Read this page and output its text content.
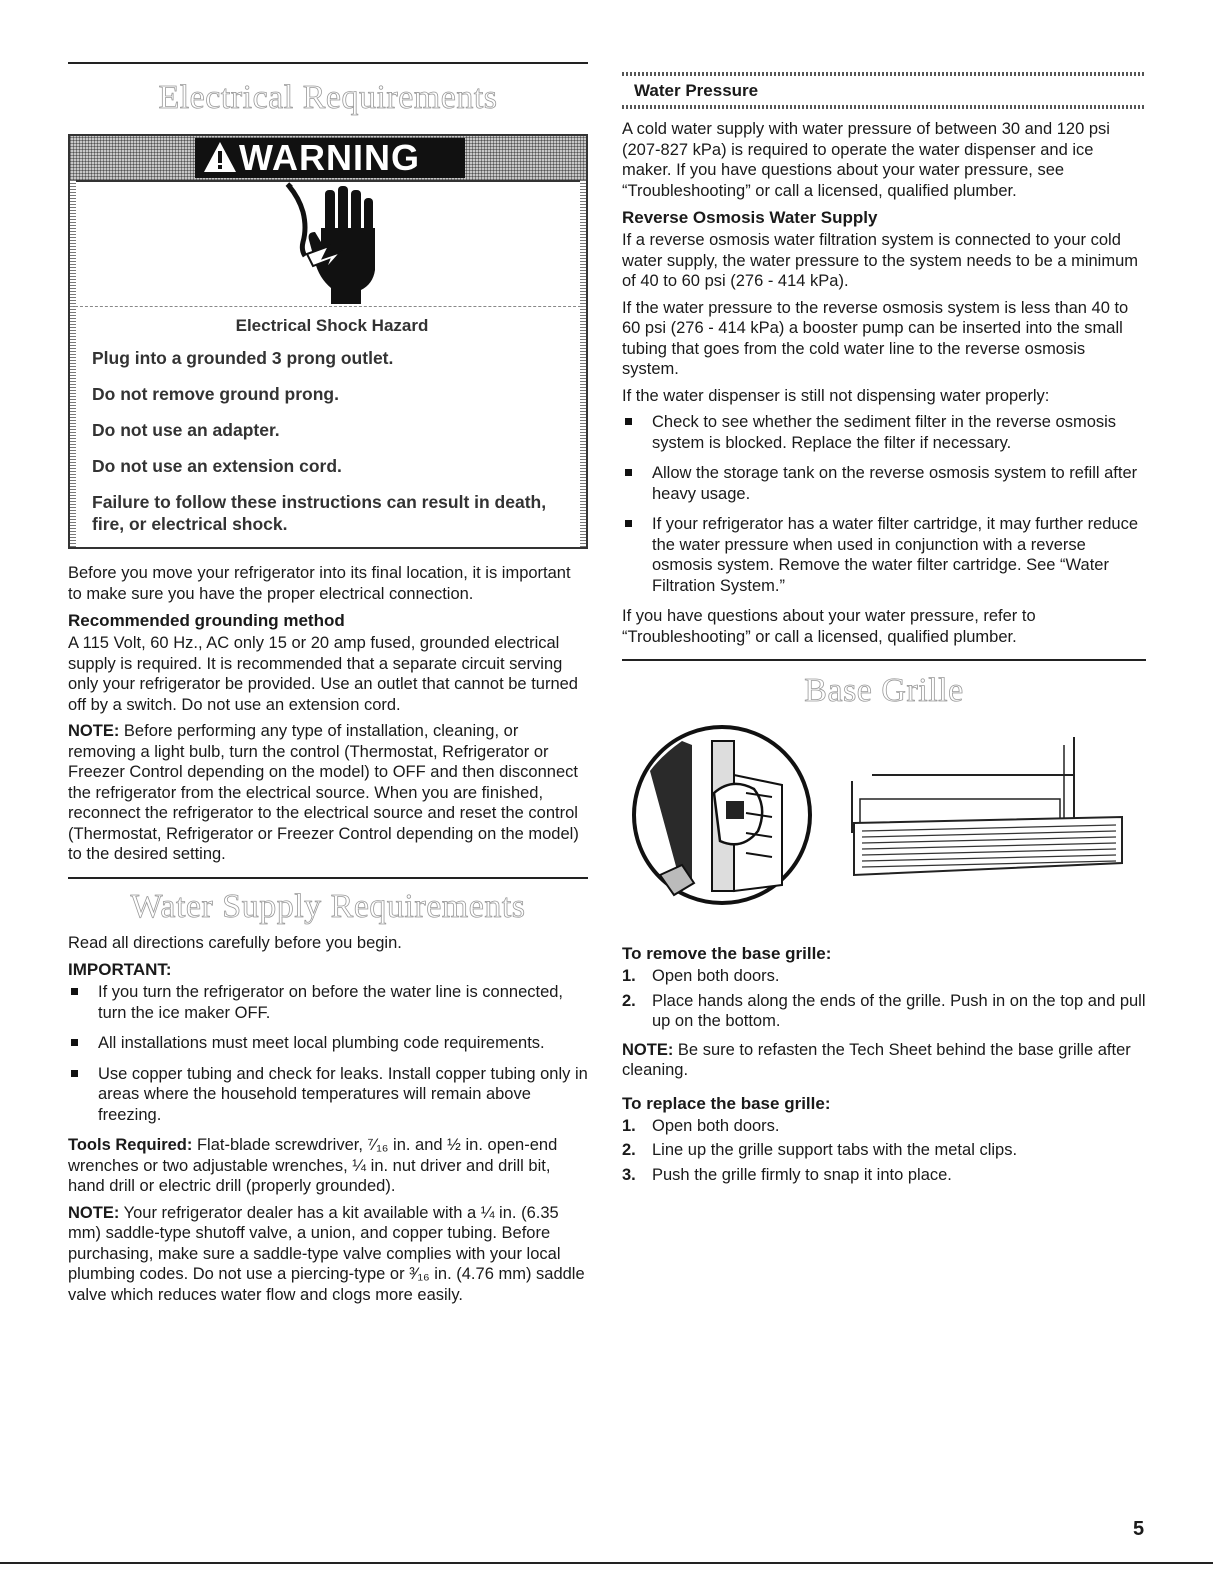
Electrical Requirements
WARNING
Electrical Shock Hazard
Plug into a grounded 3 prong outlet.
Do not remove ground prong.
Do not use an adapter.
Do not use an extension cord.
Failure to follow these instructions can result in death, fire, or electrical shock.

Before you move your refrigerator into its final location, it is important to make sure you have the proper electrical connection.

Recommended grounding method

A 115 Volt, 60 Hz., AC only 15 or 20 amp fused, grounded electrical supply is required. It is recommended that a separate circuit serving only your refrigerator be provided. Use an outlet that cannot be turned off by a switch. Do not use an extension cord.

NOTE: Before performing any type of installation, cleaning, or removing a light bulb, turn the control (Thermostat, Refrigerator or Freezer Control depending on the model) to OFF and then disconnect the refrigerator from the electrical source. When you are finished, reconnect the refrigerator to the electrical source and reset the control (Thermostat, Refrigerator or Freezer Control depending on the model) to the desired setting.

Water Supply Requirements

Read all directions carefully before you begin.

IMPORTANT:
If you turn the refrigerator on before the water line is connected, turn the ice maker OFF.
All installations must meet local plumbing code requirements.
Use copper tubing and check for leaks. Install copper tubing only in areas where the household temperatures will remain above freezing.

Tools Required: Flat-blade screwdriver, ⁷⁄₁₆ in. and ½ in. open-end wrenches or two adjustable wrenches, ¼ in. nut driver and drill bit, hand drill or electric drill (properly grounded).

NOTE: Your refrigerator dealer has a kit available with a ¼ in. (6.35 mm) saddle-type shutoff valve, a union, and copper tubing. Before purchasing, make sure a saddle-type valve complies with your local plumbing codes. Do not use a piercing-type or ³⁄₁₆ in. (4.76 mm) saddle valve which reduces water flow and clogs more easily.

Water Pressure

A cold water supply with water pressure of between 30 and 120 psi (207-827 kPa) is required to operate the water dispenser and ice maker. If you have questions about your water pressure, see “Troubleshooting” or call a licensed, qualified plumber.

Reverse Osmosis Water Supply

If a reverse osmosis water filtration system is connected to your cold water supply, the water pressure to the system needs to be a minimum of 40 to 60 psi (276 - 414 kPa).

If the water pressure to the reverse osmosis system is less than 40 to 60 psi (276 - 414 kPa) a booster pump can be inserted into the small tubing that goes from the cold water line to the reverse osmosis system.

If the water dispenser is still not dispensing water properly:

Check to see whether the sediment filter in the reverse osmosis system is blocked. Replace the filter if necessary.
Allow the storage tank on the reverse osmosis system to refill after heavy usage.
If your refrigerator has a water filter cartridge, it may further reduce the water pressure when used in conjunction with a reverse osmosis system. Remove the water filter cartridge. See “Water Filtration System.”

If you have questions about your water pressure, refer to “Troubleshooting” or call a licensed, qualified plumber.

Base Grille
To remove the base grille:
1. Open both doors.
2. Place hands along the ends of the grille. Push in on the top and pull up on the bottom.

NOTE: Be sure to refasten the Tech Sheet behind the base grille after cleaning.

To replace the base grille:
1. Open both doors.
2. Line up the grille support tabs with the metal clips.
3. Push the grille firmly to snap it into place.
5
